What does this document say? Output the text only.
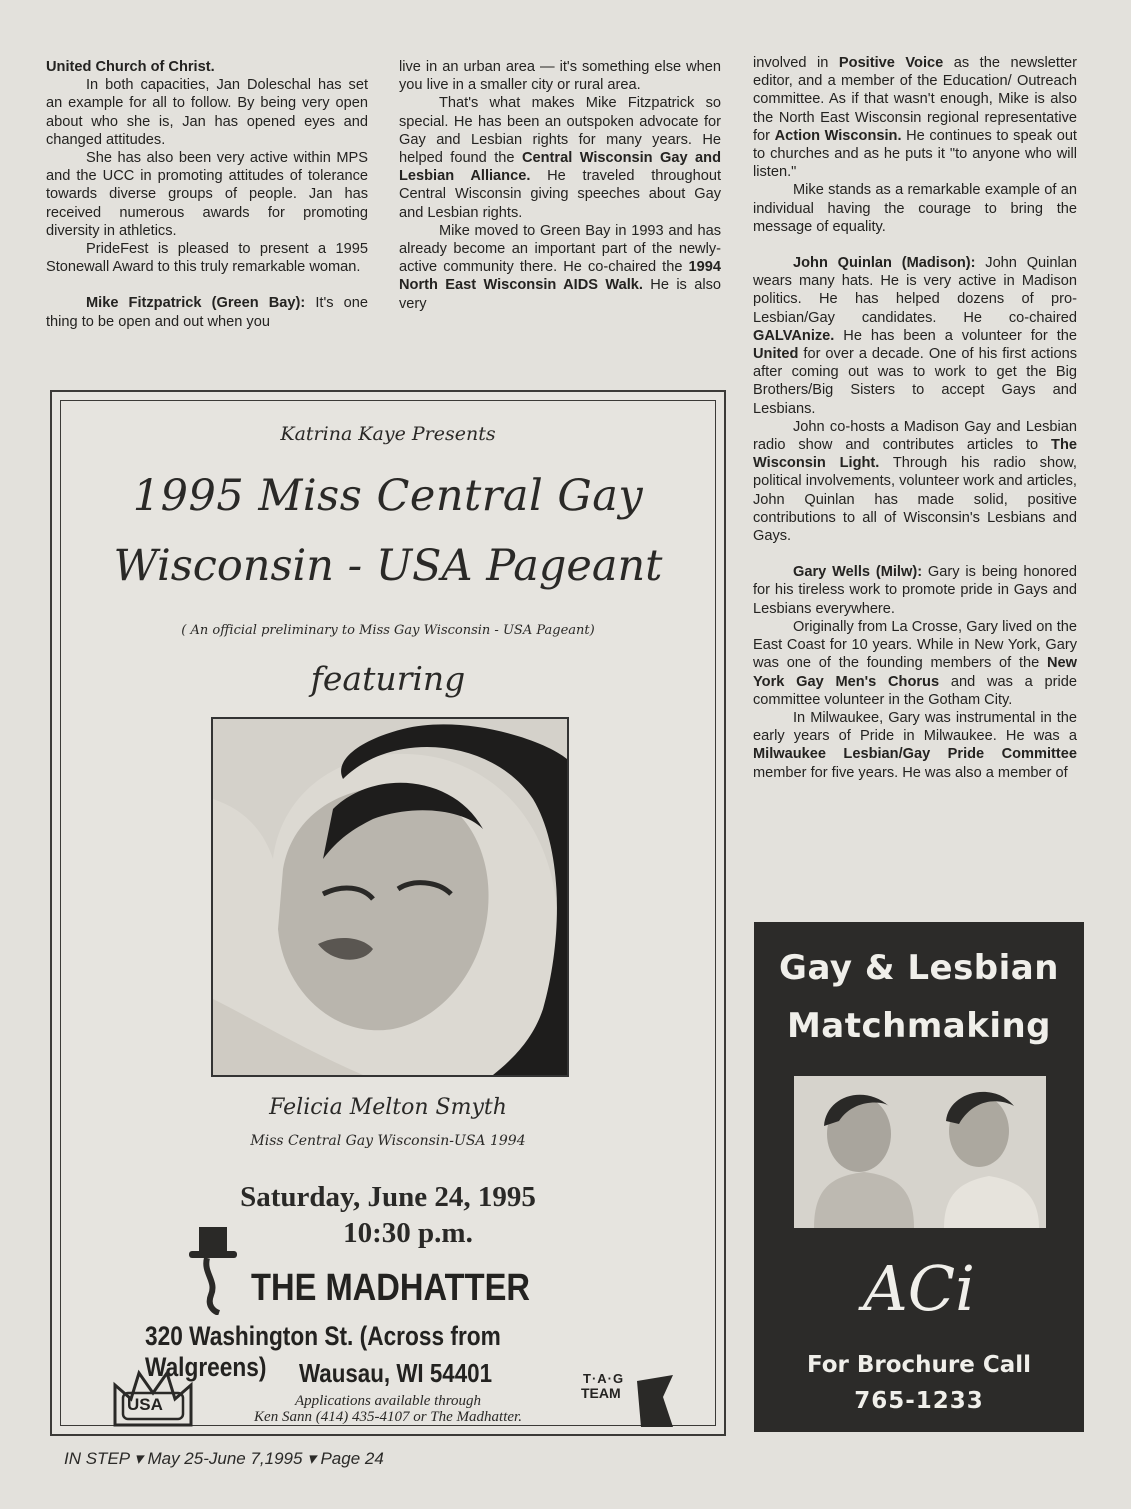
United Church of Christ.

In both capacities, Jan Doleschal has set an example for all to follow. By being very open about who she is, Jan has opened eyes and changed attitudes.

She has also been very active within MPS and the UCC in promoting attitudes of tolerance towards diverse groups of people. Jan has received numerous awards for promoting diversity in athletics.

PrideFest is pleased to present a 1995 Stonewall Award to this truly remarkable woman.

Mike Fitzpatrick (Green Bay): It's one thing to be open and out when you

live in an urban area — it's something else when you live in a smaller city or rural area.

That's what makes Mike Fitzpatrick so special. He has been an outspoken advocate for Gay and Lesbian rights for many years. He helped found the Central Wisconsin Gay and Lesbian Alliance. He traveled throughout Central Wisconsin giving speeches about Gay and Lesbian rights.

Mike moved to Green Bay in 1993 and has already become an important part of the newly-active community there. He co-chaired the 1994 North East Wisconsin AIDS Walk. He is also very

involved in Positive Voice as the newsletter editor, and a member of the Education/ Outreach committee. As if that wasn't enough, Mike is also the North East Wisconsin regional representative for Action Wisconsin. He continues to speak out to churches and as he puts it "to anyone who will listen."

Mike stands as a remarkable example of an individual having the courage to bring the message of equality.

John Quinlan (Madison): John Quinlan wears many hats. He is very active in Madison politics. He has helped dozens of pro-Lesbian/Gay candidates. He co-chaired GALVAnize. He has been a volunteer for the United for over a decade. One of his first actions after coming out was to work to get the Big Brothers/Big Sisters to accept Gays and Lesbians.

John co-hosts a Madison Gay and Lesbian radio show and contributes articles to The Wisconsin Light. Through his radio show, political involvements, volunteer work and articles, John Quinlan has made solid, positive contributions to all of Wisconsin's Lesbians and Gays.

Gary Wells (Milw): Gary is being honored for his tireless work to promote pride in Gays and Lesbians everywhere.

Originally from La Crosse, Gary lived on the East Coast for 10 years. While in New York, Gary was one of the founding members of the New York Gay Men's Chorus and was a pride committee volunteer in the Gotham City.

In Milwaukee, Gary was instrumental in the early years of Pride in Milwaukee. He was a Milwaukee Lesbian/Gay Pride Committee member for five years. He was also a member of

Katrina Kaye Presents
1995 Miss Central Gay
Wisconsin - USA Pageant
( An official preliminary to Miss Gay Wisconsin - USA Pageant)
featuring
Felicia Melton Smyth
Miss Central Gay Wisconsin-USA 1994
Saturday, June 24, 1995
10:30 p.m.
THE MADHATTER
320 Washington St. (Across from Walgreens)	Wausau, WI 54401
USA	Applications available through
Ken Sann (414) 435-4107 or The Madhatter.
T·A·G
TEAM
Gay & Lesbian
Matchmaking
ACi
For Brochure Call
765-1233
IN STEP ▾ May 25-June 7,1995 ▾ Page 24
